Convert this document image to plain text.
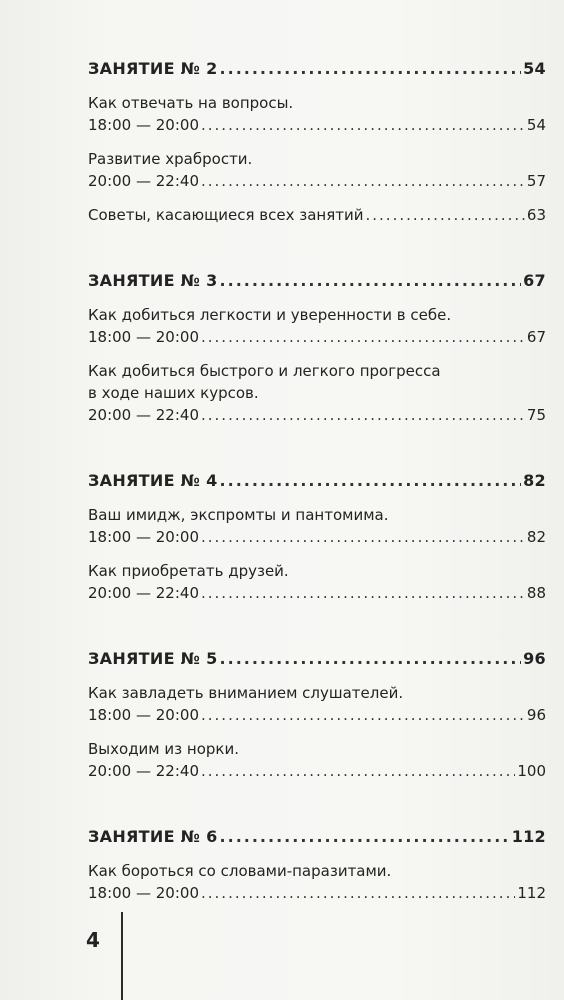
ЗАНЯТИЕ № 2 .....	54
Как отвечать на вопросы.
18:00 — 20:00 .....	54
Развитие храбрости.
20:00 — 22:40 .....	57
Советы, касающиеся всех занятий .....	63
ЗАНЯТИЕ № 3 .....	67
Как добиться легкости и уверенности в себе.
18:00 — 20:00 .....	67
Как добиться быстрого и легкого прогресса
в ходе наших курсов.
20:00 — 22:40 .....	75
ЗАНЯТИЕ № 4 .....	82
Ваш имидж, экспромты и пантомима.
18:00 — 20:00 .....	82
Как приобретать друзей.
20:00 — 22:40 .....	88
ЗАНЯТИЕ № 5 .....	96
Как завладеть вниманием слушателей.
18:00 — 20:00 .....	96
Выходим из норки.
20:00 — 22:40 .....	100
ЗАНЯТИЕ № 6 .....	112
Как бороться со словами-паразитами.
18:00 — 20:00 .....	112
4
